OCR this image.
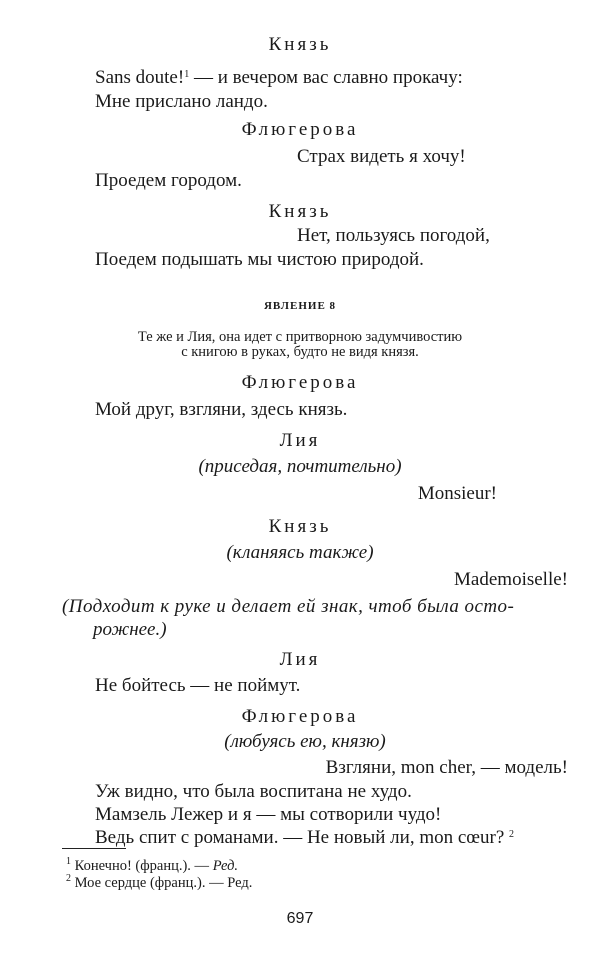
Князь
Sans doute!$^1$ — и вечером вас славно прокачу:
Мне прислано ландо.
Флюгерова
Страх видеть я хочу!
Проедем городом.
Князь
Нет, пользуясь погодой,
Поедем подышать мы чистою природой.
ЯВЛЕНИЕ 8
Те же и Лия, она идет с притворною задумчивостию
с книгою в руках, будто не видя князя.
Флюгерова
Мой друг, взгляни, здесь князь.
Лия
(приседая, почтительно)
Monsieur!
Князь
(кланяясь также)
Mademoiselle!
(Подходит к руке и делает ей знак, чтоб была осто-
рожнее.)
Лия
Не бойтесь — не поймут.
Флюгерова
(любуясь ею, князю)
Взгляни, mon cher, — модель!
Уж видно, что была воспитана не худо.
Мамзель Лежер и я — мы сотворили чудо!
Ведь спит с романами. — Не новый ли, mon cœur? $^2$
$^1$ Конечно! (франц.). — Ред.
$^2$ Мое сердце (франц.). — Ред.
697
